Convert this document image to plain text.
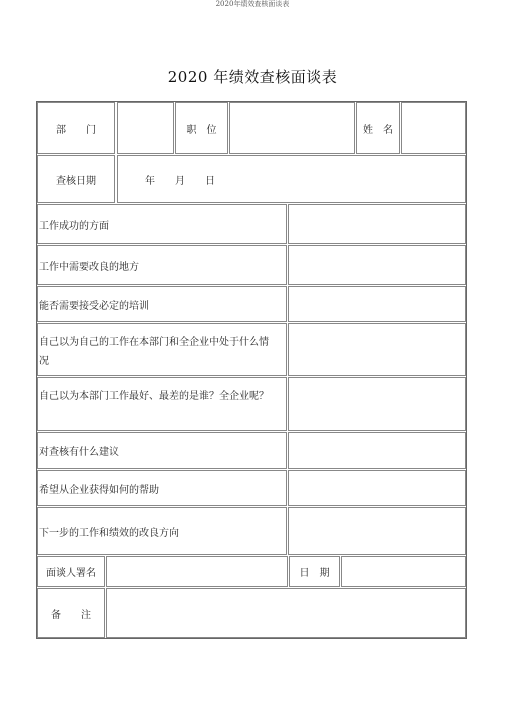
2020年绩效查核面谈表
2020 年绩效查核面谈表
部　　门	职　位	姓　名
查核日期	年　　月　　日
工作成功的方面
工作中需要改良的地方
能否需要接受必定的培训
自己以为自己的工作在本部门和全企业中处于什么情况
自己以为本部门工作最好、最差的是谁？全企业呢？
对查核有什么建议
希望从企业获得如何的帮助
下一步的工作和绩效的改良方向
面谈人署名	日　期
备　　注
